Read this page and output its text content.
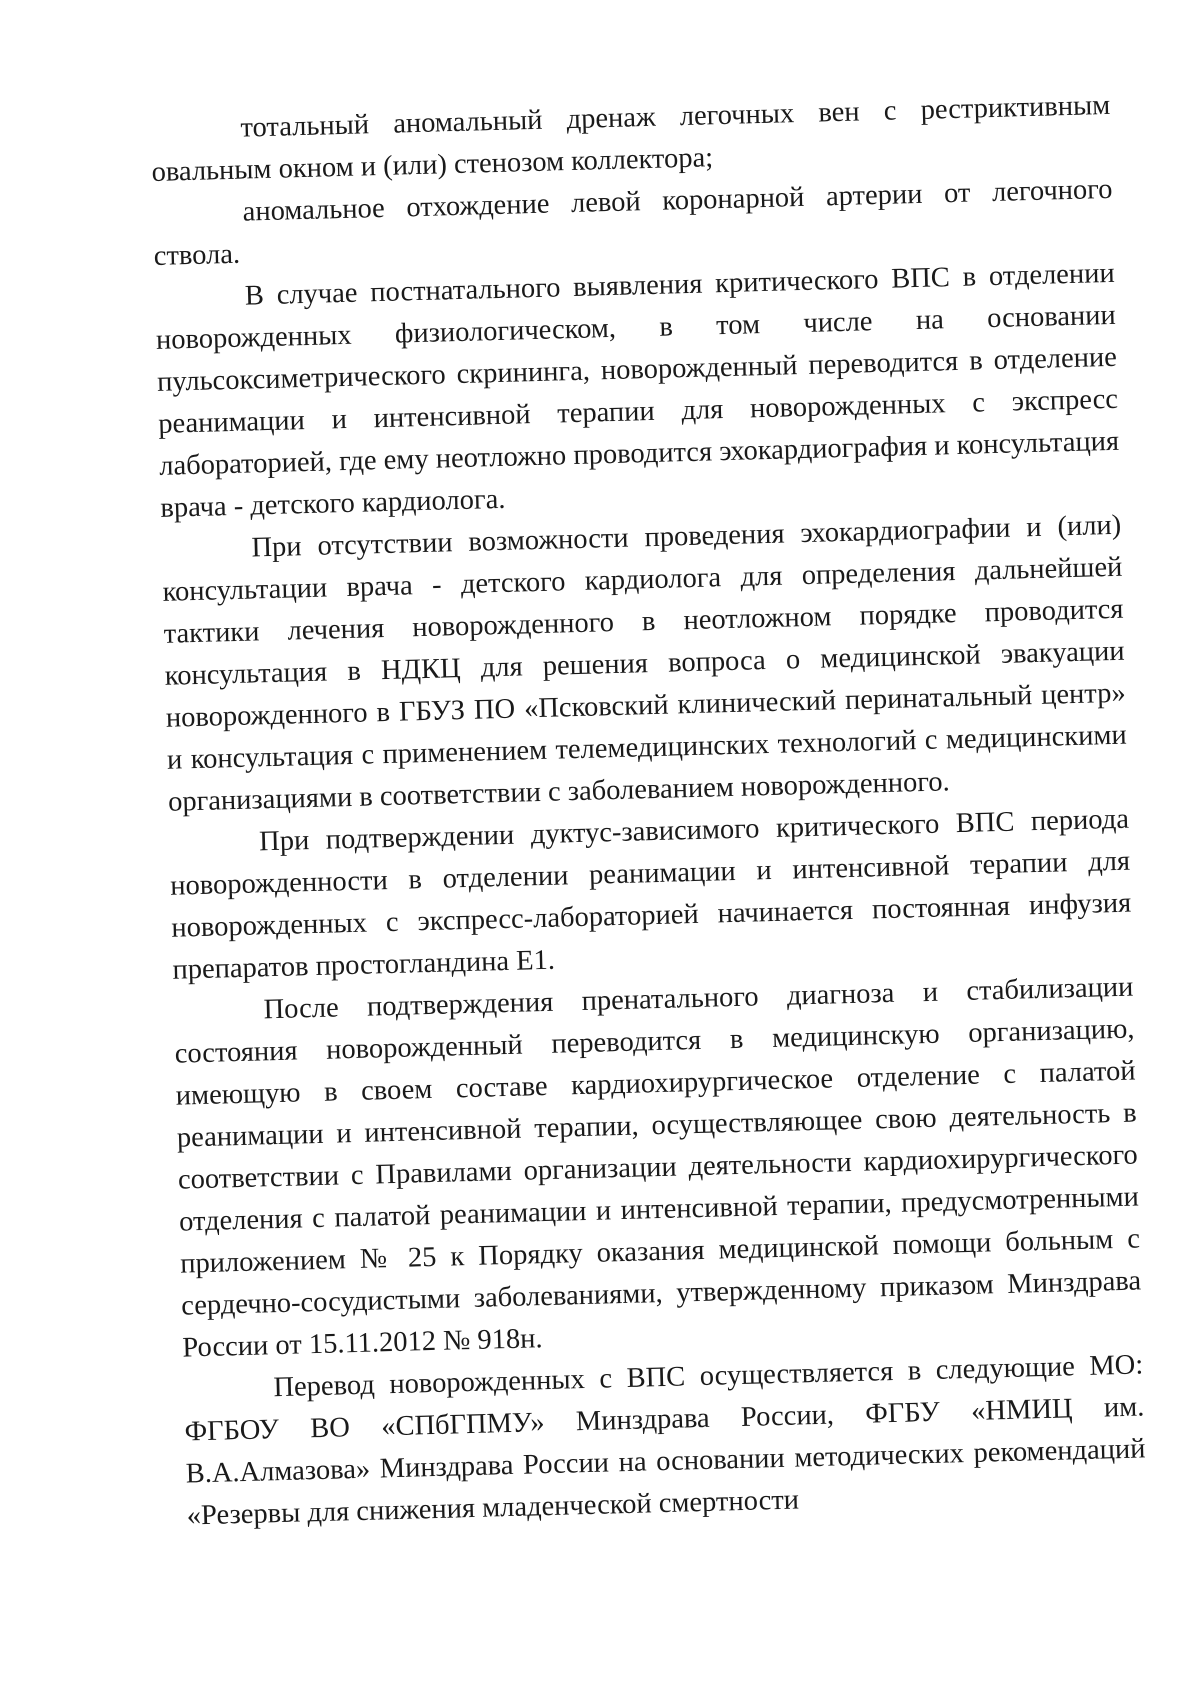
тотальный аномальный дренаж легочных вен с рестриктивным овальным окном и (или) стенозом коллектора;

аномальное отхождение левой коронарной артерии от легочного ствола.

В случае постнатального выявления критического ВПС в отделении новорожденных физиологическом, в том числе на основании пульсоксиметрического скрининга, новорожденный переводится в отделение реанимации и интенсивной терапии для новорожденных с экспресс лабораторией, где ему неотложно проводится эхокардиография и консультация врача - детского кардиолога.

При отсутствии возможности проведения эхокардиографии и (или) консультации врача - детского кардиолога для определения дальнейшей тактики лечения новорожденного в неотложном порядке проводится консультация в НДКЦ для решения вопроса о медицинской эвакуации новорожденного в ГБУЗ ПО «Псковский клинический перинатальный центр» и консультация с применением телемедицинских технологий с медицинскими организациями в соответствии с заболеванием новорожденного.

При подтверждении дуктус-зависимого критического ВПС периода новорожденности в отделении реанимации и интенсивной терапии для новорожденных с экспресс-лабораторией начинается постоянная инфузия препаратов простогландина Е1.

После подтверждения пренатального диагноза и стабилизации состояния новорожденный переводится в медицинскую организацию, имеющую в своем составе кардиохирургическое отделение с палатой реанимации и интенсивной терапии, осуществляющее свою деятельность в соответствии с Правилами организации деятельности кардиохирургического отделения с палатой реанимации и интенсивной терапии, предусмотренными приложением № 25 к Порядку оказания медицинской помощи больным с сердечно-сосудистыми заболеваниями, утвержденному приказом Минздрава России от 15.11.2012 № 918н.

Перевод новорожденных с ВПС осуществляется в следующие МО: ФГБОУ ВО «СПбГПМУ» Минздрава России, ФГБУ «НМИЦ им. В.А.Алмазова» Минздрава России на основании методических рекомендаций «Резервы для снижения младенческой смертности
